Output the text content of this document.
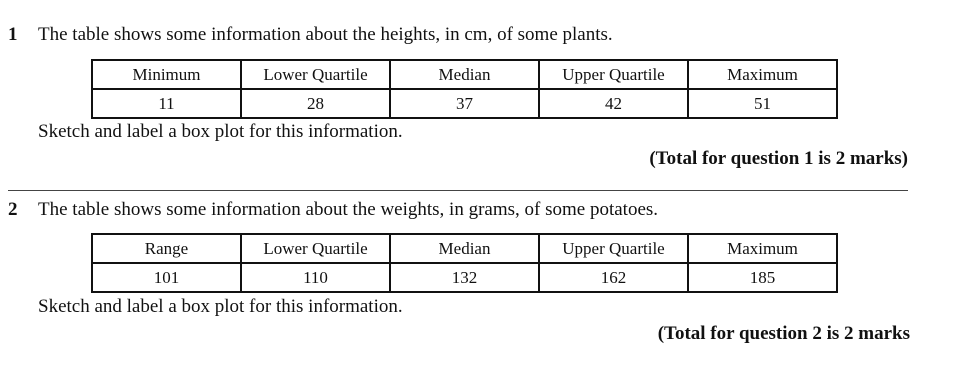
1 The table shows some information about the heights, in cm, of some plants.
Minimum	Lower Quartile	Median	Upper Quartile	Maximum
11	28	37	42	51
Sketch and label a box plot for this information.
(Total for question 1 is 2 marks)
2 The table shows some information about the weights, in grams, of some potatoes.
Range	Lower Quartile	Median	Upper Quartile	Maximum
101	110	132	162	185
Sketch and label a box plot for this information.
(Total for question 2 is 2 marks
